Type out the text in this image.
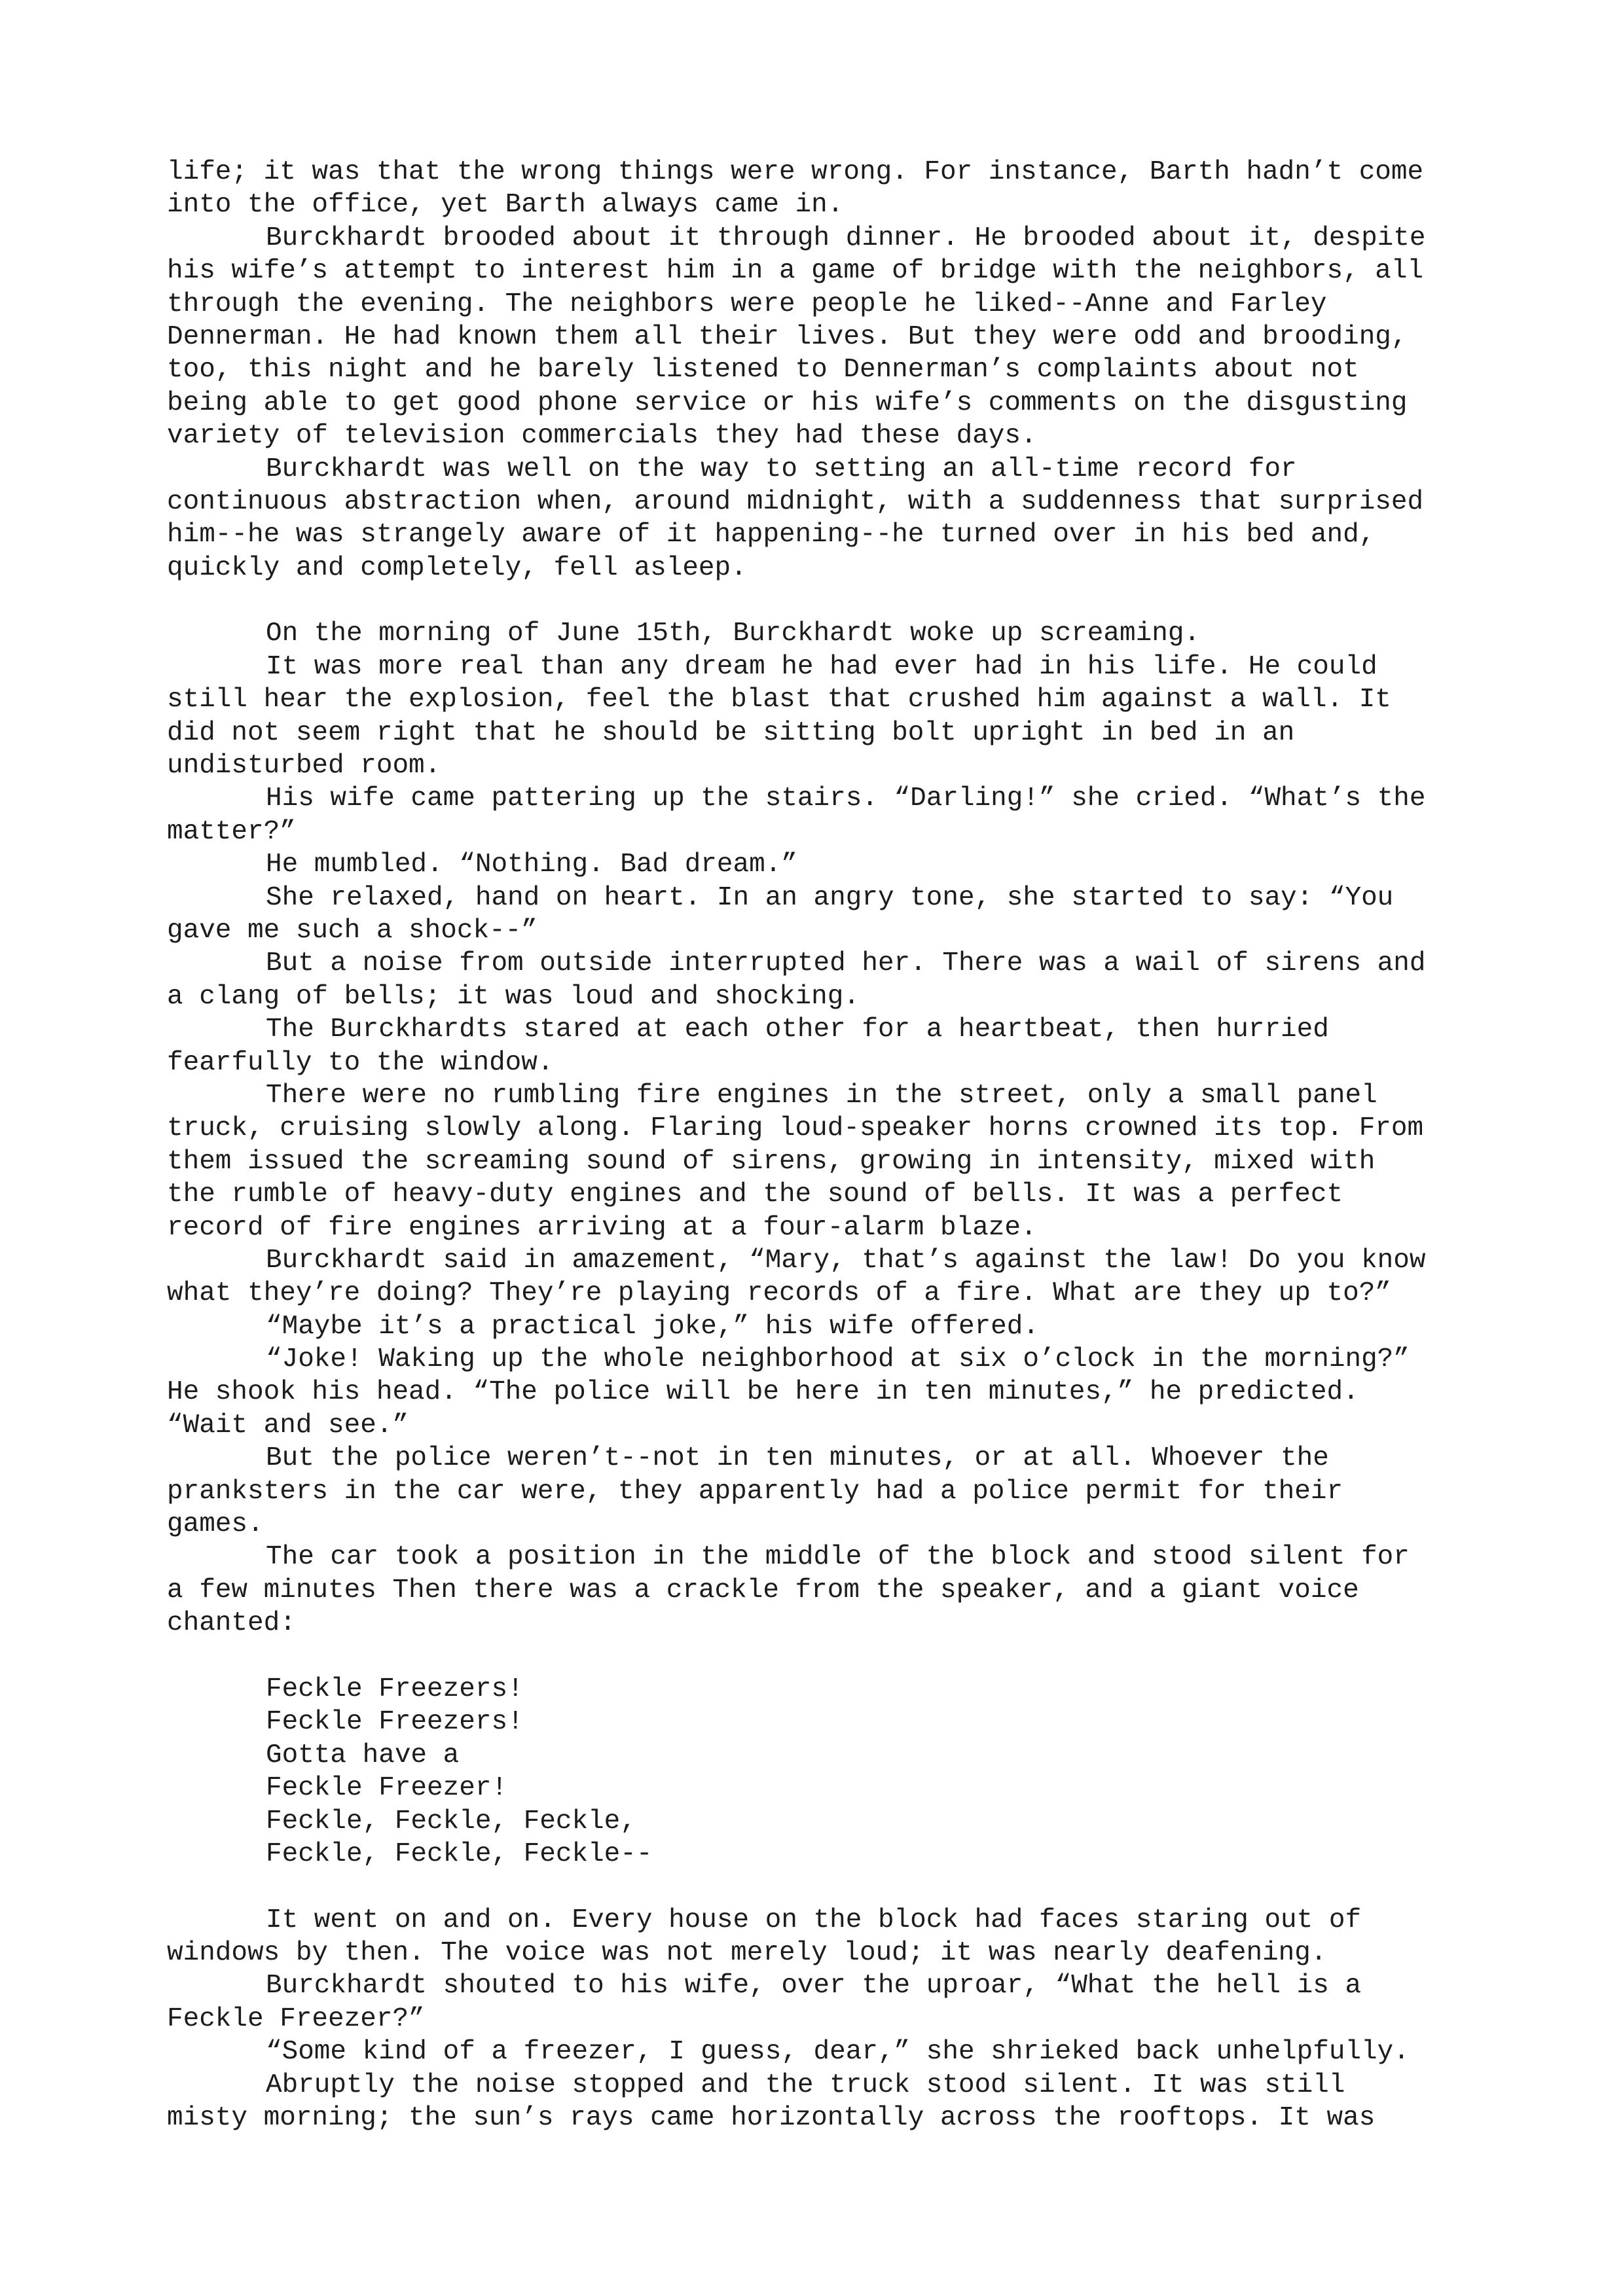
life; it was that the wrong things were wrong. For instance, Barth hadn’t come
into the office, yet Barth always came in.
Burckhardt brooded about it through dinner. He brooded about it, despite
his wife’s attempt to interest him in a game of bridge with the neighbors, all
through the evening. The neighbors were people he liked--Anne and Farley
Dennerman. He had known them all their lives. But they were odd and brooding,
too, this night and he barely listened to Dennerman’s complaints about not
being able to get good phone service or his wife’s comments on the disgusting
variety of television commercials they had these days.
Burckhardt was well on the way to setting an all-time record for
continuous abstraction when, around midnight, with a suddenness that surprised
him--he was strangely aware of it happening--he turned over in his bed and,
quickly and completely, fell asleep.
On the morning of June 15th, Burckhardt woke up screaming.
It was more real than any dream he had ever had in his life. He could
still hear the explosion, feel the blast that crushed him against a wall. It
did not seem right that he should be sitting bolt upright in bed in an
undisturbed room.
His wife came pattering up the stairs. “Darling!” she cried. “What’s the
matter?”
He mumbled. “Nothing. Bad dream.”
She relaxed, hand on heart. In an angry tone, she started to say: “You
gave me such a shock--”
But a noise from outside interrupted her. There was a wail of sirens and
a clang of bells; it was loud and shocking.
The Burckhardts stared at each other for a heartbeat, then hurried
fearfully to the window.
There were no rumbling fire engines in the street, only a small panel
truck, cruising slowly along. Flaring loud-speaker horns crowned its top. From
them issued the screaming sound of sirens, growing in intensity, mixed with
the rumble of heavy-duty engines and the sound of bells. It was a perfect
record of fire engines arriving at a four-alarm blaze.
Burckhardt said in amazement, “Mary, that’s against the law! Do you know
what they’re doing? They’re playing records of a fire. What are they up to?”
“Maybe it’s a practical joke,” his wife offered.
“Joke! Waking up the whole neighborhood at six o’clock in the morning?”
He shook his head. “The police will be here in ten minutes,” he predicted.
“Wait and see.”
But the police weren’t--not in ten minutes, or at all. Whoever the
pranksters in the car were, they apparently had a police permit for their
games.
The car took a position in the middle of the block and stood silent for
a few minutes Then there was a crackle from the speaker, and a giant voice
chanted:
Feckle Freezers!
Feckle Freezers!
Gotta have a
Feckle Freezer!
Feckle, Feckle, Feckle,
Feckle, Feckle, Feckle--
It went on and on. Every house on the block had faces staring out of
windows by then. The voice was not merely loud; it was nearly deafening.
Burckhardt shouted to his wife, over the uproar, “What the hell is a
Feckle Freezer?”
“Some kind of a freezer, I guess, dear,” she shrieked back unhelpfully.
Abruptly the noise stopped and the truck stood silent. It was still
misty morning; the sun’s rays came horizontally across the rooftops. It was
